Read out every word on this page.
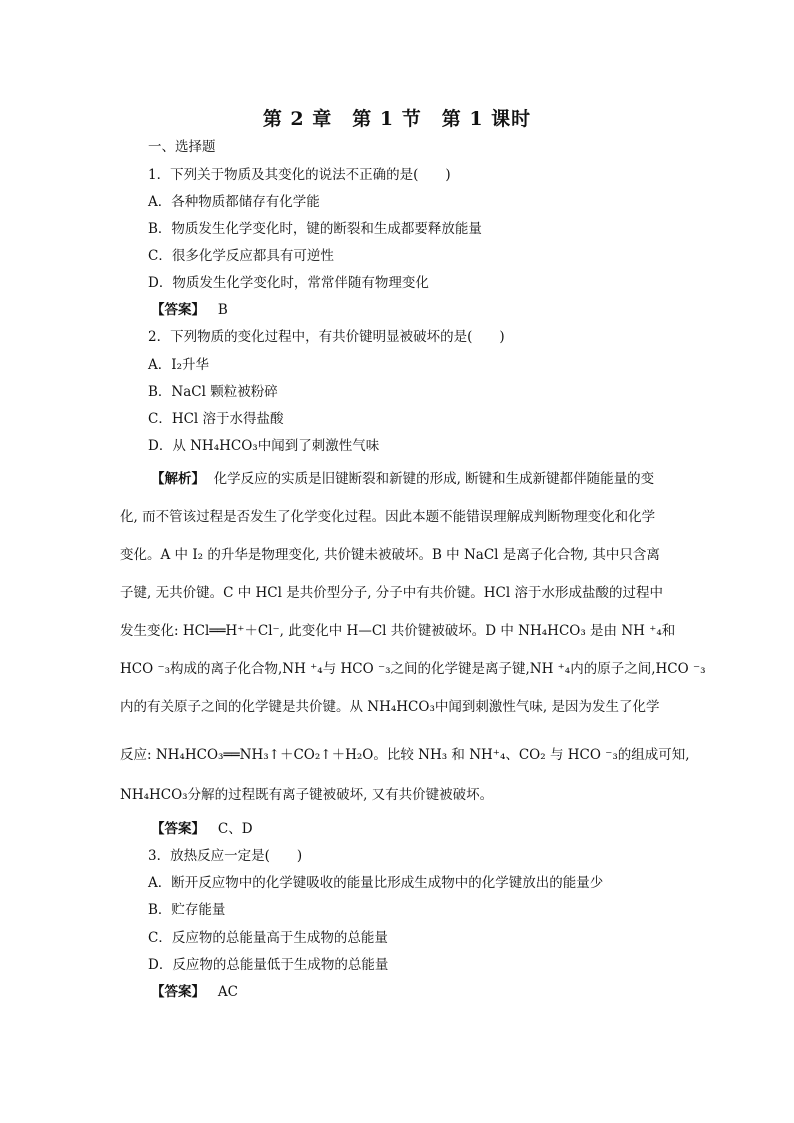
第 2 章　第 1 节　第 1 课时
一、选择题
1．下列关于物质及其变化的说法不正确的是(　　)
A．各种物质都储存有化学能
B．物质发生化学变化时，键的断裂和生成都要释放能量
C．很多化学反应都具有可逆性
D．物质发生化学变化时，常常伴随有物理变化
【答案】 B
2．下列物质的变化过程中，有共价键明显被破坏的是(　　)
A．I₂升华
B．NaCl 颗粒被粉碎
C．HCl 溶于水得盐酸
D．从 NH₄HCO₃中闻到了刺激性气味
【解析】 化学反应的实质是旧键断裂和新键的形成, 断键和生成新键都伴随能量的变
化, 而不管该过程是否发生了化学变化过程。因此本题不能错误理解成判断物理变化和化学
变化。A 中 I₂ 的升华是物理变化, 共价键未被破坏。B 中 NaCl 是离子化合物, 其中只含离
子键, 无共价键。C 中 HCl 是共价型分子, 分子中有共价键。HCl 溶于水形成盐酸的过程中
发生变化: HCl══H⁺＋Cl⁻, 此变化中 H—Cl 共价键被破坏。D 中 NH₄HCO₃ 是由 NH ⁺₄和
HCO ⁻₃构成的离子化合物,NH ⁺₄与 HCO ⁻₃之间的化学键是离子键,NH ⁺₄内的原子之间,HCO ⁻₃
内的有关原子之间的化学键是共价键。从 NH₄HCO₃中闻到刺激性气味, 是因为发生了化学
反应: NH₄HCO₃══NH₃↑＋CO₂↑＋H₂O。比较 NH₃ 和 NH⁺₄、CO₂ 与 HCO ⁻₃的组成可知,
NH₄HCO₃分解的过程既有离子键被破坏, 又有共价键被破坏。
【答案】 C、D
3．放热反应一定是(　　)
A．断开反应物中的化学键吸收的能量比形成生成物中的化学键放出的能量少
B．贮存能量
C．反应物的总能量高于生成物的总能量
D．反应物的总能量低于生成物的总能量
【答案】 AC
